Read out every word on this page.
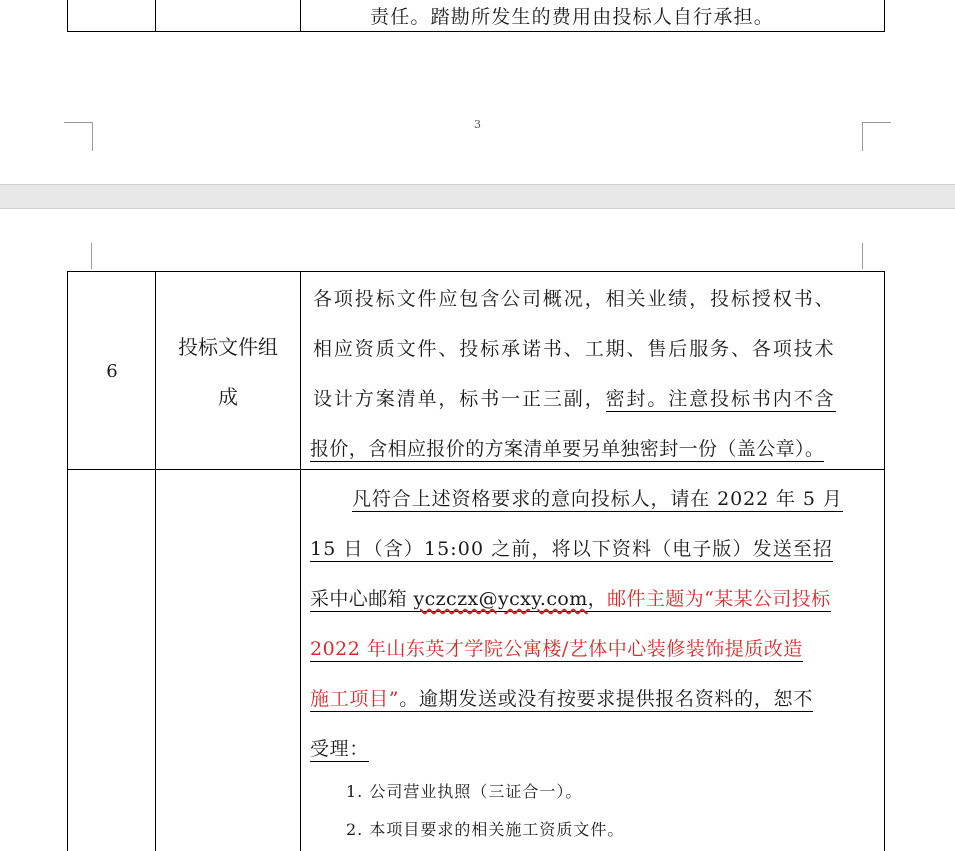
责任。踏勘所发生的费用由投标人自行承担。
3
6
投标文件组
成
各项投标文件应包含公司概况，相关业绩，投标授权书、
相应资质文件、投标承诺书、工期、售后服务、各项技术
设计方案清单，标书一正三副，密封。注意投标书内不含
报价，含相应报价的方案清单要另单独密封一份（盖公章）。
凡符合上述资格要求的意向投标人，请在 2022 年 5 月
15 日（含）15:00 之前，将以下资料（电子版）发送至招
采中心邮箱 yczczx@ycxy.com，邮件主题为“某某公司投标
2022 年山东英才学院公寓楼/艺体中心装修装饰提质改造
施工项目”。逾期发送或没有按要求提供报名资料的，恕不
受理：
1. 公司营业执照（三证合一）。
2. 本项目要求的相关施工资质文件。
